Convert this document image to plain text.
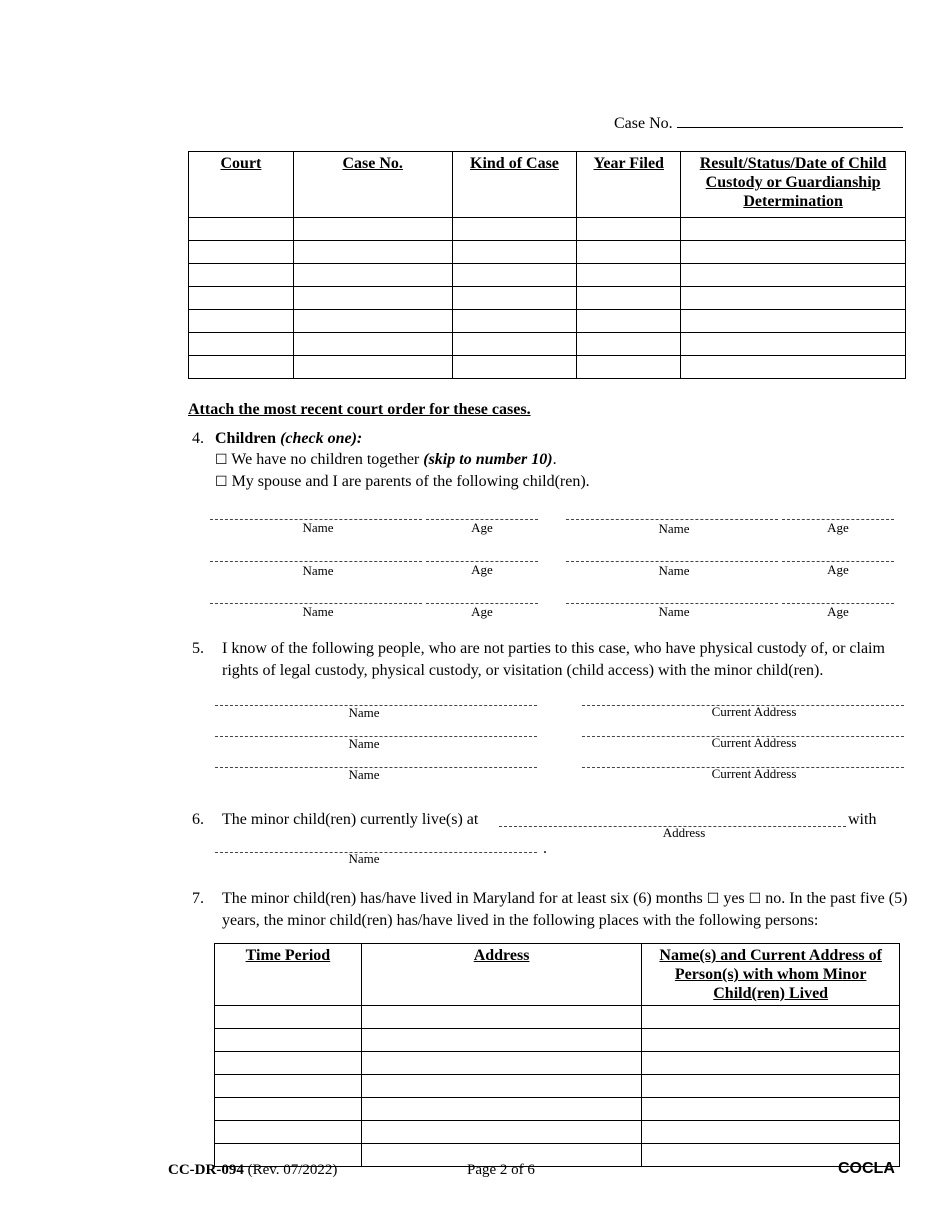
Case No.
Court	Case No.	Kind of Case	Year Filed	Result/Status/Date of Child Custody or Guardianship Determination

Attach the most recent court order for these cases.
4. Children (check one):
☐ We have no children together (skip to number 10).
☐ My spouse and I are parents of the following child(ren).
Name	Age	Name	Age
Name	Age	Name	Age
Name	Age	Name	Age
5. I know of the following people, who are not parties to this case, who have physical custody of, or claim rights of legal custody, physical custody, or visitation (child access) with the minor child(ren).
Name	Current Address
Name	Current Address
Name	Current Address
6. The minor child(ren) currently live(s) at
Address
with
Name
.
7. The minor child(ren) has/have lived in Maryland for at least six (6) months ☐ yes ☐ no. In the past five (5) years, the minor child(ren) has/have lived in the following places with the following persons:
Time Period	Address	Name(s) and Current Address of Person(s) with whom Minor Child(ren) Lived

CC-DR-094 (Rev. 07/2022)	Page 2 of 6	COCLA
